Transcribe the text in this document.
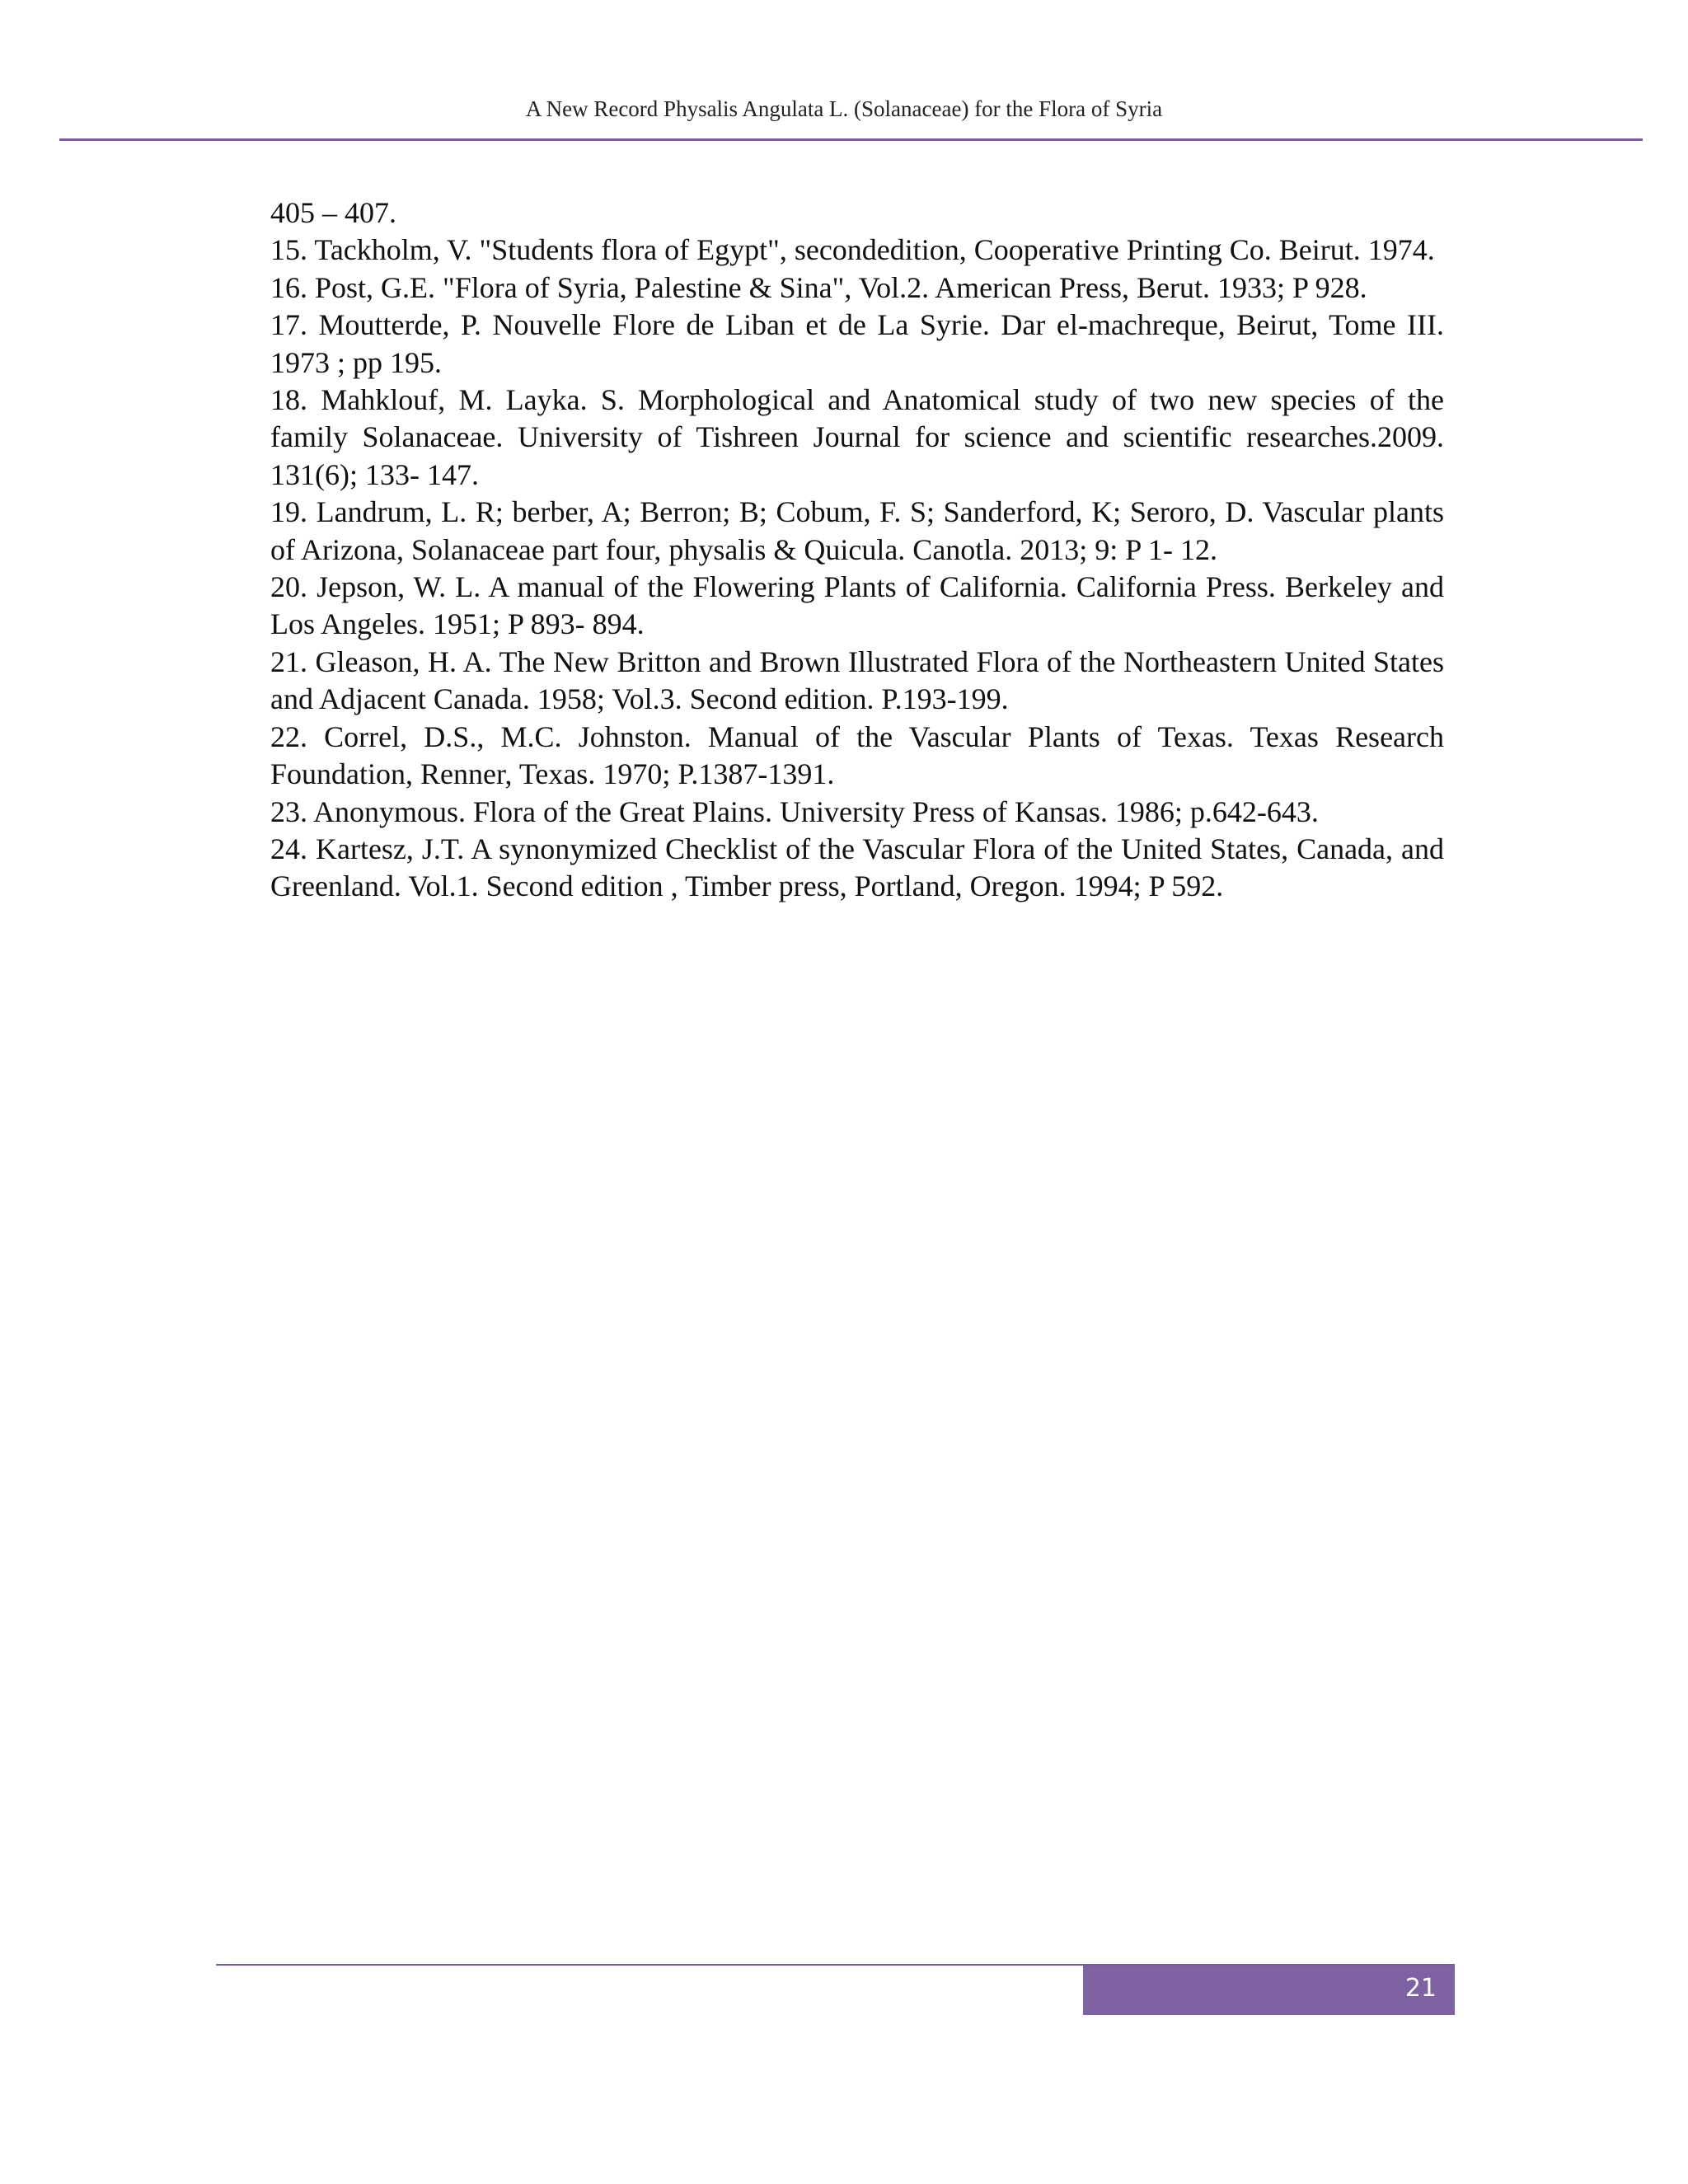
A New Record Physalis Angulata L. (Solanaceae) for the Flora of Syria

405 – 407.

15. Tackholm, V. "Students flora of Egypt", secondedition, Cooperative Printing Co. Beirut. 1974.

16. Post, G.E. "Flora of Syria, Palestine & Sina", Vol.2. American Press, Berut. 1933; P 928.

17. Moutterde, P. Nouvelle Flore de Liban et de La Syrie. Dar el-machreque, Beirut, Tome III. 1973 ; pp 195.

18. Mahklouf, M. Layka. S. Morphological and Anatomical study of two new species of the family Solanaceae. University of Tishreen Journal for science and scientific researches.2009. 131(6); 133- 147.

19. Landrum, L. R; berber, A; Berron; B; Cobum, F. S; Sanderford, K; Seroro, D. Vascular plants of Arizona, Solanaceae part four, physalis & Quicula. Canotla. 2013; 9: P 1- 12.

20. Jepson, W. L. A manual of the Flowering Plants of California. California Press. Berkeley and Los Angeles. 1951; P 893- 894.

21. Gleason, H. A. The New Britton and Brown Illustrated Flora of the Northeastern United States and Adjacent Canada. 1958; Vol.3. Second edition. P.193-199.

22. Correl, D.S., M.C. Johnston. Manual of the Vascular Plants of Texas. Texas Research Foundation, Renner, Texas. 1970; P.1387-1391.

23. Anonymous. Flora of the Great Plains. University Press of Kansas. 1986; p.642-643.

24. Kartesz, J.T. A synonymized Checklist of the Vascular Flora of the United States, Canada, and Greenland. Vol.1. Second edition , Timber press, Portland, Oregon. 1994; P 592.

21
